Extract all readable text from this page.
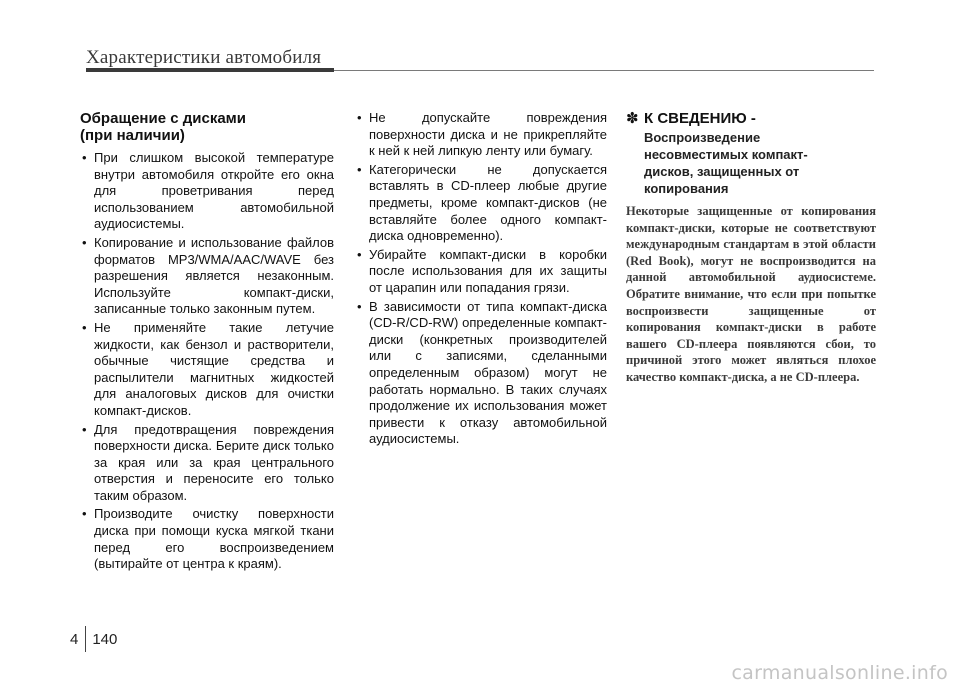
Характеристики автомобиля
Обращение с дисками
(при наличии)
• При слишком высокой температуре внутри автомобиля откройте его окна для проветривания перед использованием автомобильной аудиосистемы.
• Копирование и использование файлов форматов MP3/WMA/AAC/WAVE без разрешения является незаконным. Используйте компакт-диски, записанные только законным путем.
• Не применяйте такие летучие жидкости, как бензол и растворители, обычные чистящие средства и распылители магнитных жидкостей для аналоговых дисков для очистки компакт-дисков.
• Для предотвращения повреждения поверхности диска. Берите диск только за края или за края центрального отверстия и переносите его только таким образом.
• Производите очистку поверхности диска при помощи куска мягкой ткани перед его воспроизведением (вытирайте от центра к краям).
• Не допускайте повреждения поверхности диска и не прикрепляйте к ней к ней липкую ленту или бумагу.
• Категорически не допускается вставлять в CD-плеер любые другие предметы, кроме компакт-дисков (не вставляйте более одного компакт-диска одновременно).
• Убирайте компакт-диски в коробки после использования для их защиты от царапин или попадания грязи.
• В зависимости от типа компакт-диска (CD-R/CD-RW) определенные компакт-диски (конкретных производителей или с записями, сделанными определенным образом) могут не работать нормально. В таких случаях продолжение их использования может привести к отказу автомобильной аудиосистемы.
✽ К СВЕДЕНИЮ -
Воспроизведение
несовместимых компакт-
дисков, защищенных от
копирования
Некоторые защищенные от копирования компакт-диски, которые не соответствуют международным стандартам в этой области (Red Book), могут не воспроизводится на данной автомобильной аудиосистеме. Обратите внимание, что если при попытке воспроизвести защищенные от копирования компакт-диски в работе вашего CD-плеера появляются сбои, то причиной этого может являться плохое качество компакт-диска, а не CD-плеера.
4 140
carmanualsonline.info
